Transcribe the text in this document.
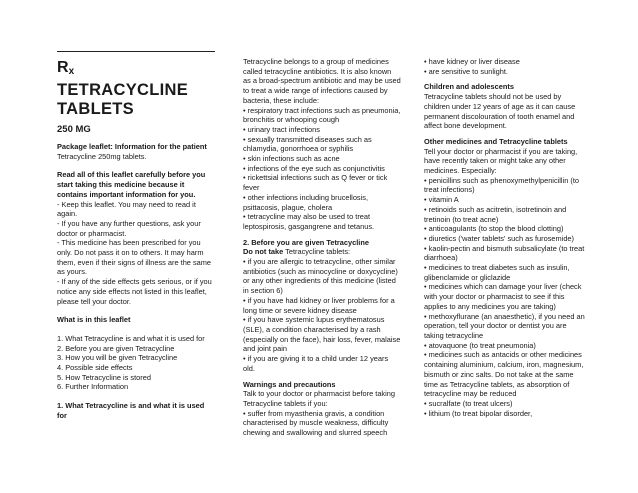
$R_x$
TETRACYCLINE
TABLETS
250 MG

Package leaflet: Information for the patient

Tetracycline 250mg tablets.

Read all of this leaflet carefully before you start taking this medicine because it contains important information for you.

- Keep this leaflet. You may need to read it again.

- If you have any further questions, ask your doctor or pharmacist.

- This medicine has been prescribed for you only. Do not pass it on to others. It may harm them, even if their signs of illness are the same as yours.

- If any of the side effects gets serious, or if you notice any side effects not listed in this leaflet, please tell your doctor.

What is in this leaflet

1. What Tetracycline is and what it is used for

2. Before you are given Tetracycline

3. How you will be given Tetracycline

4. Possible side effects

5. How Tetracycline is stored

6. Further Information

1. What Tetracycline is and what it is used for

Tetracycline belongs to a group of medicines called tetracycline antibiotics. It is also known as a broad-spectrum antibiotic and may be used to treat a wide range of infections caused by bacteria, these include:

• respiratory tract infections such as pneumonia, bronchitis or whooping cough

• urinary tract infections

• sexually transmitted diseases such as chlamydia, gonorrhoea or syphilis

• skin infections such as acne

• infections of the eye such as conjunctivitis

• rickettsial infections such as Q fever or tick fever

• other infections including brucellosis, psittacosis, plague, cholera

• tetracycline may also be used to treat leptospirosis, gasgangrene and tetanus.

2. Before you are given Tetracycline

Do not take Tetracycline tablets:

• if you are allergic to tetracycline, other similar antibiotics (such as minocycline or doxycycline) or any other ingredients of this medicine (listed in section 6)

• if you have had kidney or liver problems for a long time or severe kidney disease

• if you have systemic lupus erythematosus (SLE), a condition characterised by a rash (especially on the face), hair loss, fever, malaise and joint pain

• if you are giving it to a child under 12 years old.

Warnings and precautions

Talk to your doctor or pharmacist before taking Tetracycline tablets if you:

• suffer from myasthenia gravis, a condition characterised by muscle weakness, difficulty chewing and swallowing and slurred speech

• have kidney or liver disease

• are sensitive to sunlight.

Children and adolescents

Tetracycline tablets should not be used by children under 12 years of age as it can cause permanent discolouration of tooth enamel and affect bone development.

Other medicines and Tetracycline tablets

Tell your doctor or pharmacist if you are taking, have recently taken or might take any other medicines. Especially:

• penicillins such as phenoxymethylpenicillin (to treat infections)

• vitamin A

• retinoids such as acitretin, isotretinoin and tretinoin (to treat acne)

• anticoagulants (to stop the blood clotting)

• diuretics ('water tablets' such as furosemide)

• kaolin-pectin and bismuth subsalicylate (to treat diarrhoea)

• medicines to treat diabetes such as insulin, glibenclamide or gliclazide

• medicines which can damage your liver (check with your doctor or pharmacist to see if this applies to any medicines you are taking)

• methoxyflurane (an anaesthetic), if you need an operation, tell your doctor or dentist you are taking tetracycline

• atovaquone (to treat pneumonia)

• medicines such as antacids or other medicines containing aluminium, calcium, iron, magnesium, bismuth or zinc salts. Do not take at the same time as Tetracycline tablets, as absorption of tetracycline may be reduced

• sucralfate (to treat ulcers)

• lithium (to treat bipolar disorder,
